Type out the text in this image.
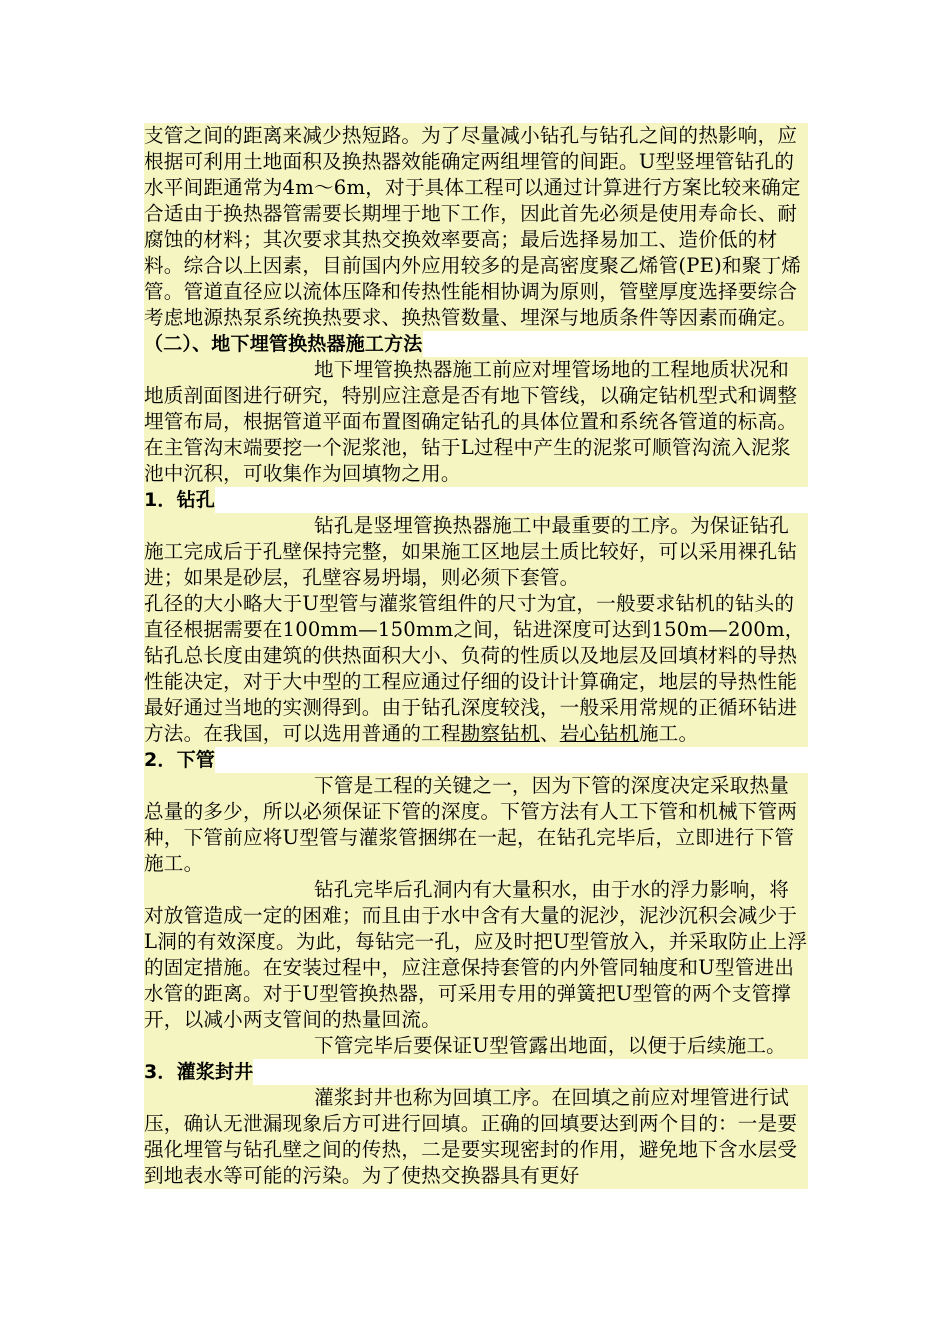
支管之间的距离来减少热短路。为了尽量减小钻孔与钻孔之间的热影响，应根据可利用土地面积及换热器效能确定两组埋管的间距。U型竖埋管钻孔的水平间距通常为4m～6m，对于具体工程可以通过计算进行方案比较来确定合适由于换热器管需要长期埋于地下工作，因此首先必须是使用寿命长、耐腐蚀的材料；其次要求其热交换效率要高；最后选择易加工、造价低的材料。综合以上因素，目前国内外应用较多的是高密度聚乙烯管(PE)和聚丁烯管。管道直径应以流体压降和传热性能相协调为原则，管壁厚度选择要综合考虑地源热泵系统换热要求、换热管数量、埋深与地质条件等因素而确定。

（二）、地下埋管换热器施工方法

地下埋管换热器施工前应对埋管场地的工程地质状况和地质剖面图进行研究，特别应注意是否有地下管线，以确定钻机型式和调整埋管布局，根据管道平面布置图确定钻孔的具体位置和系统各管道的标高。在主管沟末端要挖一个泥浆池，钻于L过程中产生的泥浆可顺管沟流入泥浆池中沉积，可收集作为回填物之用。

1．钻孔

钻孔是竖埋管换热器施工中最重要的工序。为保证钻孔施工完成后于孔壁保持完整，如果施工区地层土质比较好，可以采用裸孔钻进；如果是砂层，孔壁容易坍塌，则必须下套管。

孔径的大小略大于U型管与灌浆管组件的尺寸为宜，一般要求钻机的钻头的直径根据需要在100mm—150mm之间，钻进深度可达到150m—200m，钻孔总长度由建筑的供热面积大小、负荷的性质以及地层及回填材料的导热性能决定，对于大中型的工程应通过仔细的设计计算确定，地层的导热性能最好通过当地的实测得到。由于钻孔深度较浅，一般采用常规的正循环钻进方法。在我国，可以选用普通的工程勘察钻机、岩心钻机施工。

2．下管

下管是工程的关键之一，因为下管的深度决定采取热量总量的多少，所以必须保证下管的深度。下管方法有人工下管和机械下管两种，下管前应将U型管与灌浆管捆绑在一起，在钻孔完毕后，立即进行下管施工。

钻孔完毕后孔洞内有大量积水，由于水的浮力影响，将对放管造成一定的困难；而且由于水中含有大量的泥沙，泥沙沉积会减少于L洞的有效深度。为此，每钻完一孔，应及时把U型管放入，并采取防止上浮的固定措施。在安装过程中，应注意保持套管的内外管同轴度和U型管进出水管的距离。对于U型管换热器，可采用专用的弹簧把U型管的两个支管撑开，以减小两支管间的热量回流。

下管完毕后要保证U型管露出地面，以便于后续施工。

3．灌浆封井

灌浆封井也称为回填工序。在回填之前应对埋管进行试压，确认无泄漏现象后方可进行回填。正确的回填要达到两个目的：一是要强化埋管与钻孔壁之间的传热，二是要实现密封的作用，避免地下含水层受到地表水等可能的污染。为了使热交换器具有更好
